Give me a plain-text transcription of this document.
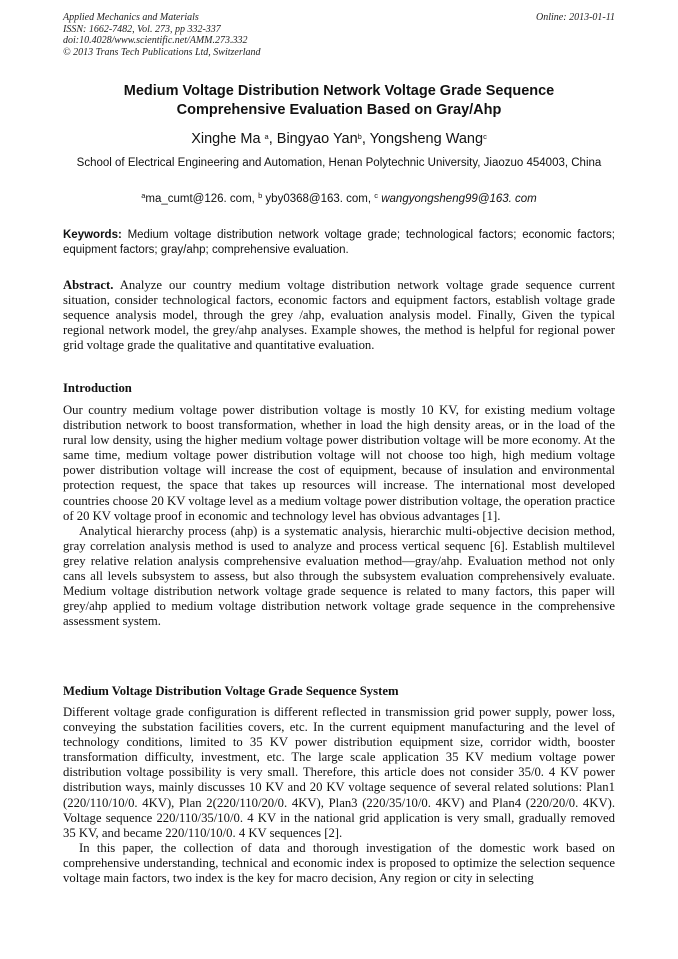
Applied Mechanics and Materials
ISSN: 1662-7482, Vol. 273, pp 332-337
doi:10.4028/www.scientific.net/AMM.273.332
© 2013 Trans Tech Publications Ltd, Switzerland
Online: 2013-01-11
Medium Voltage Distribution Network Voltage Grade Sequence
Comprehensive Evaluation Based on Gray/Ahp
Xinghe Ma $^a$, Bingyao Yan$^b$, Yongsheng Wang$^c$
School of Electrical Engineering and Automation, Henan Polytechnic University, Jiaozuo 454003, China
$^a$ma_cumt@126. com, $^b$ yby0368@163. com, $^c$ wangyongsheng99@163. com
Keywords: Medium voltage distribution network voltage grade; technological factors; economic factors; equipment factors; gray/ahp; comprehensive evaluation.
Abstract. Analyze our country medium voltage distribution network voltage grade sequence current situation, consider technological factors, economic factors and equipment factors, establish voltage grade sequence analysis model, through the grey /ahp, evaluation analysis model. Finally, Given the typical regional network model, the grey/ahp analyses. Example showes, the method is helpful for regional power grid voltage grade the qualitative and quantitative evaluation.
Introduction

Our country medium voltage power distribution voltage is mostly 10 KV, for existing medium voltage distribution network to boost transformation, whether in load the high density areas, or in the load of the rural low density, using the higher medium voltage power distribution voltage will be more economy. At the same time, medium voltage power distribution voltage will not choose too high, high medium voltage power distribution voltage will increase the cost of equipment, because of insulation and environmental protection request, the space that takes up resources will increase. The international most developed countries choose 20 KV voltage level as a medium voltage power distribution voltage, the operation practice of 20 KV voltage proof in economic and technology level has obvious advantages [1].

Analytical hierarchy process (ahp) is a systematic analysis, hierarchic multi-objective decision method, gray correlation analysis method is used to analyze and process vertical sequenc [6]. Establish multilevel grey relative relation analysis comprehensive evaluation method—gray/ahp. Evaluation method not only cans all levels subsystem to assess, but also through the subsystem evaluation comprehensively evaluate. Medium voltage distribution network voltage grade sequence is related to many factors, this paper will grey/ahp applied to medium voltage distribution network voltage grade sequence in the comprehensive assessment system.

Medium Voltage Distribution Voltage Grade Sequence System

Different voltage grade configuration is different reflected in transmission grid power supply, power loss, conveying the substation facilities covers, etc. In the current equipment manufacturing and the level of technology conditions, limited to 35 KV power distribution equipment size, corridor width, booster transformation difficulty, investment, etc. The large scale application 35 KV medium voltage power distribution voltage possibility is very small. Therefore, this article does not consider 35/0. 4 KV power distribution ways, mainly discusses 10 KV and 20 KV voltage sequence of several related solutions: Plan1 (220/110/10/0. 4KV), Plan 2(220/110/20/0. 4KV), Plan3 (220/35/10/0. 4KV) and Plan4 (220/20/0. 4KV). Voltage sequence 220/110/35/10/0. 4 KV in the national grid application is very small, gradually removed 35 KV, and became 220/110/10/0. 4 KV sequences [2].

In this paper, the collection of data and thorough investigation of the domestic work based on comprehensive understanding, technical and economic index is proposed to optimize the selection sequence voltage main factors, two index is the key for macro decision, Any region or city in selecting
